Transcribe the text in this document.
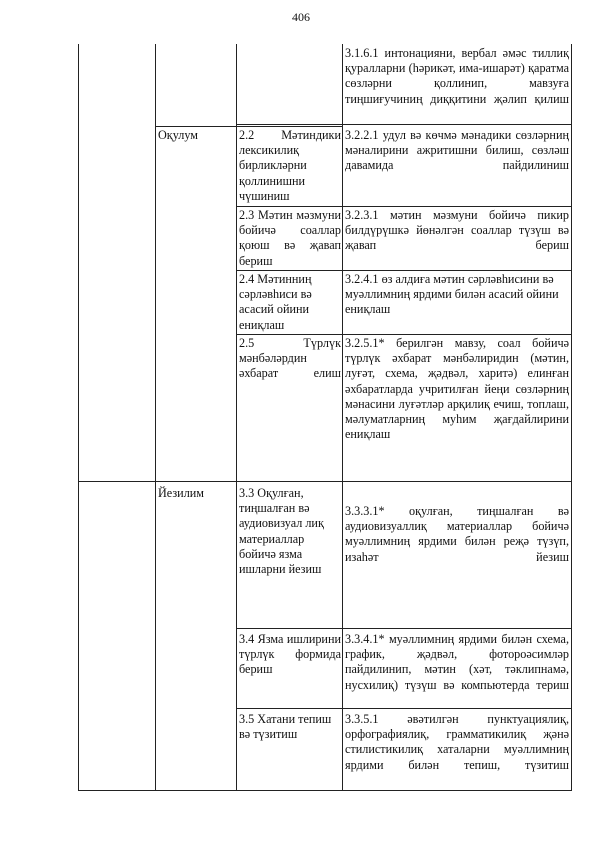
406
3.1.6.1 интонацияни, вербал әмәс тиллиқ қуралларни (һәрикәт, има-ишарәт) қаратма сөзләрни қоллинип, мавзуға тиңшиғучиниң диққитини җәлип қилиш
Оқулум	2.2 Мәтиндики лексикилиқ бирликләрни қоллинишни чүшиниш
3.2.2.1 удул вә көчмә мәнадики сөзләрниң мәналирини ажритишни билиш, сөзләш давамида пайдилиниш
2.3 Мәтин мәзмуни бойичә соаллар қоюш вә җавап бериш
3.2.3.1 мәтин мәзмуни бойичә пикир билдүрүшкә йөнәлгән соаллар түзүш вә җавап бериш
2.4 Мәтинниң сәрләвһиси вә асасий ойини ениқлаш
3.2.4.1 өз алдиға мәтин сәрләвһисини вә муәллимниң ярдими билән асасий ойини ениқлаш
2.5 Түрлүк мәнбәләрдин әхбарат елиш
3.2.5.1* берилгән мавзу, соал бойичә түрлүк әхбарат мәнбәлиридин (мәтин, луғәт, схема, җәдвәл, харитә) елинған әхбаратларда учритилған йеңи сөзләрниң мәнасини луғәтләр арқилиқ ечиш, топлаш, мәлуматларниң муһим җағдайлирини ениқлаш
Йезилим	3.3 Оқулған, тиңшалған вә аудиовизуал лиқ материаллар бойичә язма ишларни йезиш
3.3.3.1* оқулған, тиңшалған вә аудиовизуаллиқ материаллар бойичә муәллимниң ярдими билән реҗә түзүп, изаһәт йезиш
3.4 Язма ишлирини түрлүк формида бериш
3.3.4.1* муәллимниң ярдими билән схема, график, җәдвәл, фотороәсимләр пайдилинип, мәтин (хәт, тәклипнамә, нусхилиқ) түзүш вә компьютерда териш
3.5 Хатани тепиш вә түзитиш
3.3.5.1 әвәтилгән пунктуациялиқ, орфографиялиқ, грамматикилиқ җәнә стилистикилиқ хаталарни муәллимниң ярдими билән тепиш, түзитиш
